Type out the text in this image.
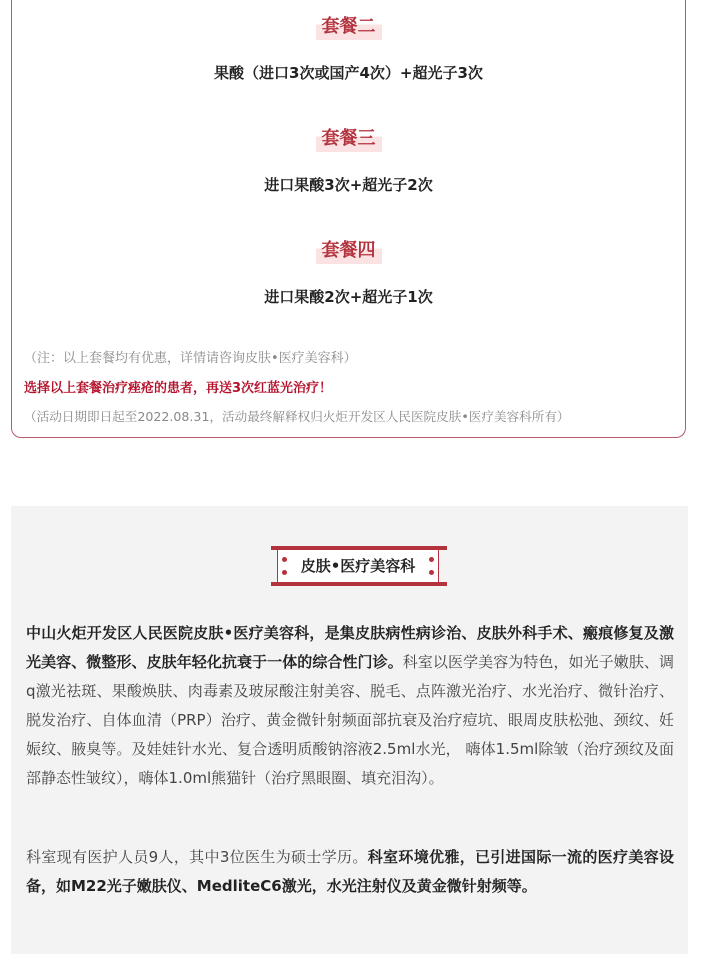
套餐二
果酸（进口3次或国产4次）+超光子3次
套餐三
进口果酸3次+超光子2次
套餐四
进口果酸2次+超光子1次
（注：以上套餐均有优惠，详情请咨询皮肤•医疗美容科）
选择以上套餐治疗痤疮的患者，再送3次红蓝光治疗！
（活动日期即日起至2022.08.31，活动最终解释权归火炬开发区人民医院皮肤•医疗美容科所有）
皮肤•医疗美容科

中山火炬开发区人民医院皮肤•医疗美容科，是集皮肤病性病诊治、皮肤外科手术、瘢痕修复及激光美容、微整形、皮肤年轻化抗衰于一体的综合性门诊。科室以医学美容为特色，如光子嫩肤、调q激光祛斑、果酸焕肤、肉毒素及玻尿酸注射美容、脱毛、点阵激光治疗、水光治疗、微针治疗、脱发治疗、自体血清（PRP）治疗、黄金微针射频面部抗衰及治疗痘坑、眼周皮肤松弛、颈纹、妊娠纹、腋臭等。及娃娃针水光、复合透明质酸钠溶液2.5ml水光， 嗨体1.5ml除皱（治疗颈纹及面部静态性皱纹），嗨体1.0ml熊猫针（治疗黑眼圈、填充泪沟）。

科室现有医护人员9人，其中3位医生为硕士学历。科室环境优雅，已引进国际一流的医疗美容设备，如M22光子嫩肤仪、MedliteC6激光，水光注射仪及黄金微针射频等。
